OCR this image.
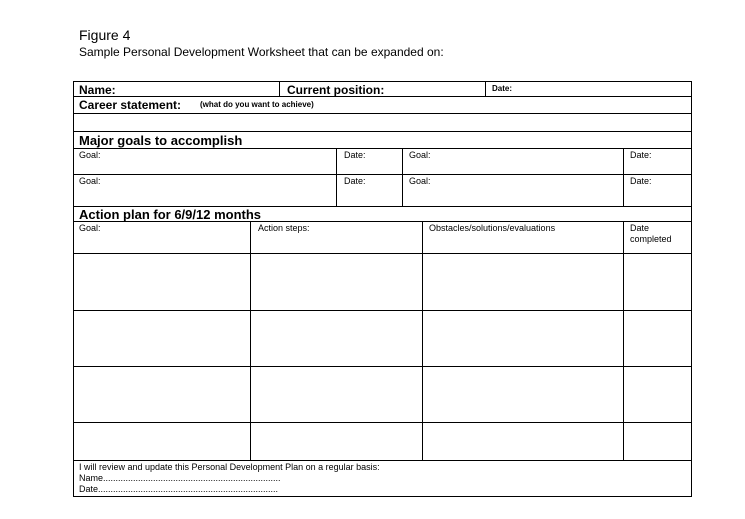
Figure 4
Sample Personal Development Worksheet that can be expanded on:
Name:	Current position:	Date:
Career statement: (what do you want to achieve)
Major goals to accomplish
Goal:	Date:	Goal:	Date:
Goal:	Date:	Goal:	Date:
Action plan for 6/9/12 months
Goal:	Action steps:	Obstacles/solutions/evaluations	Date
completed
I will review and update this Personal Development Plan on a regular basis:
Name.......................................................................
Date........................................................................
